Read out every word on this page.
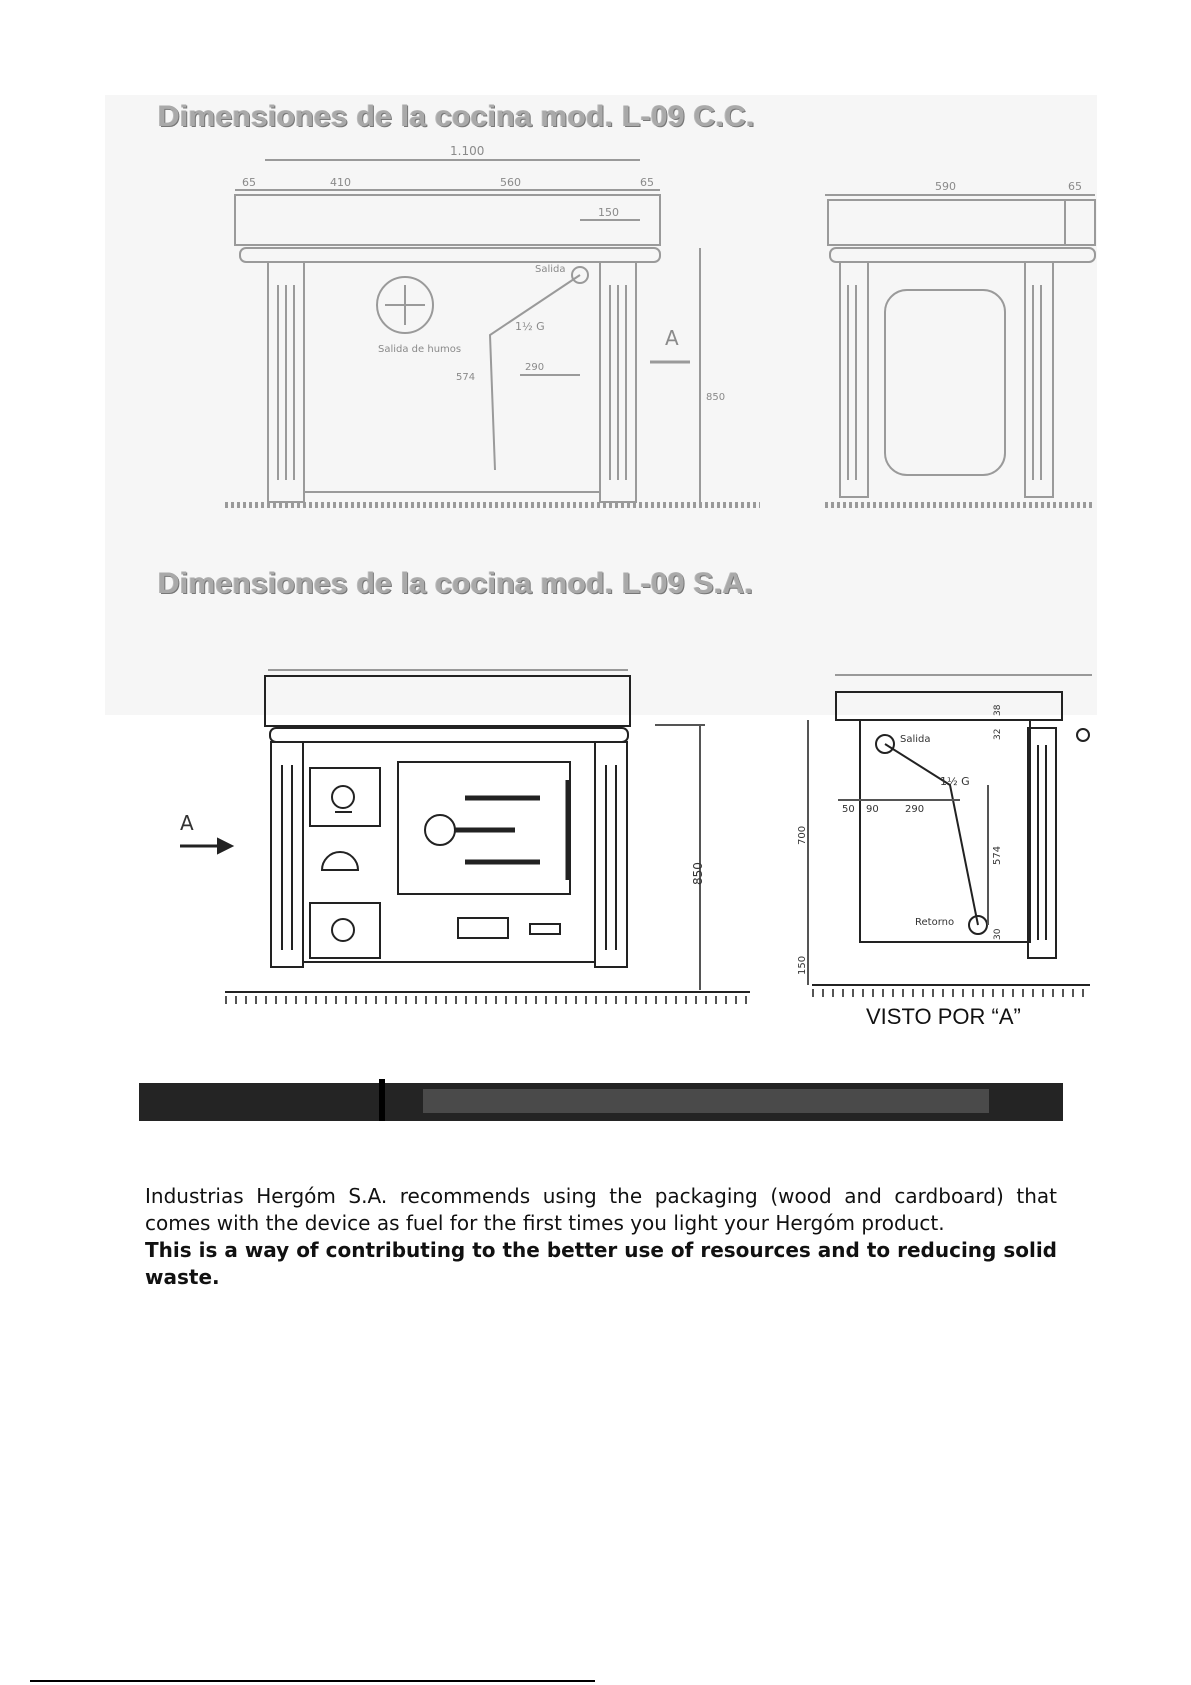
Dimensiones de la cocina mod. L-09 C.C.
Dimensiones de la cocina mod. L-09 S.A.
1.100
65	410	560	65
150
Salida
Salida de humos
1½ G
290
574
850
A
590	65
A
850
Salida
Retorno
1½ G
50 90	290
574
700
150
32
38
30
VISTO POR “A”

Industrias Hergóm S.A. recommends using the packaging (wood and cardboard) that comes with the device as fuel for the first times you light your Hergóm product.

This is a way of contributing to the better use of resources and to reducing solid waste.
